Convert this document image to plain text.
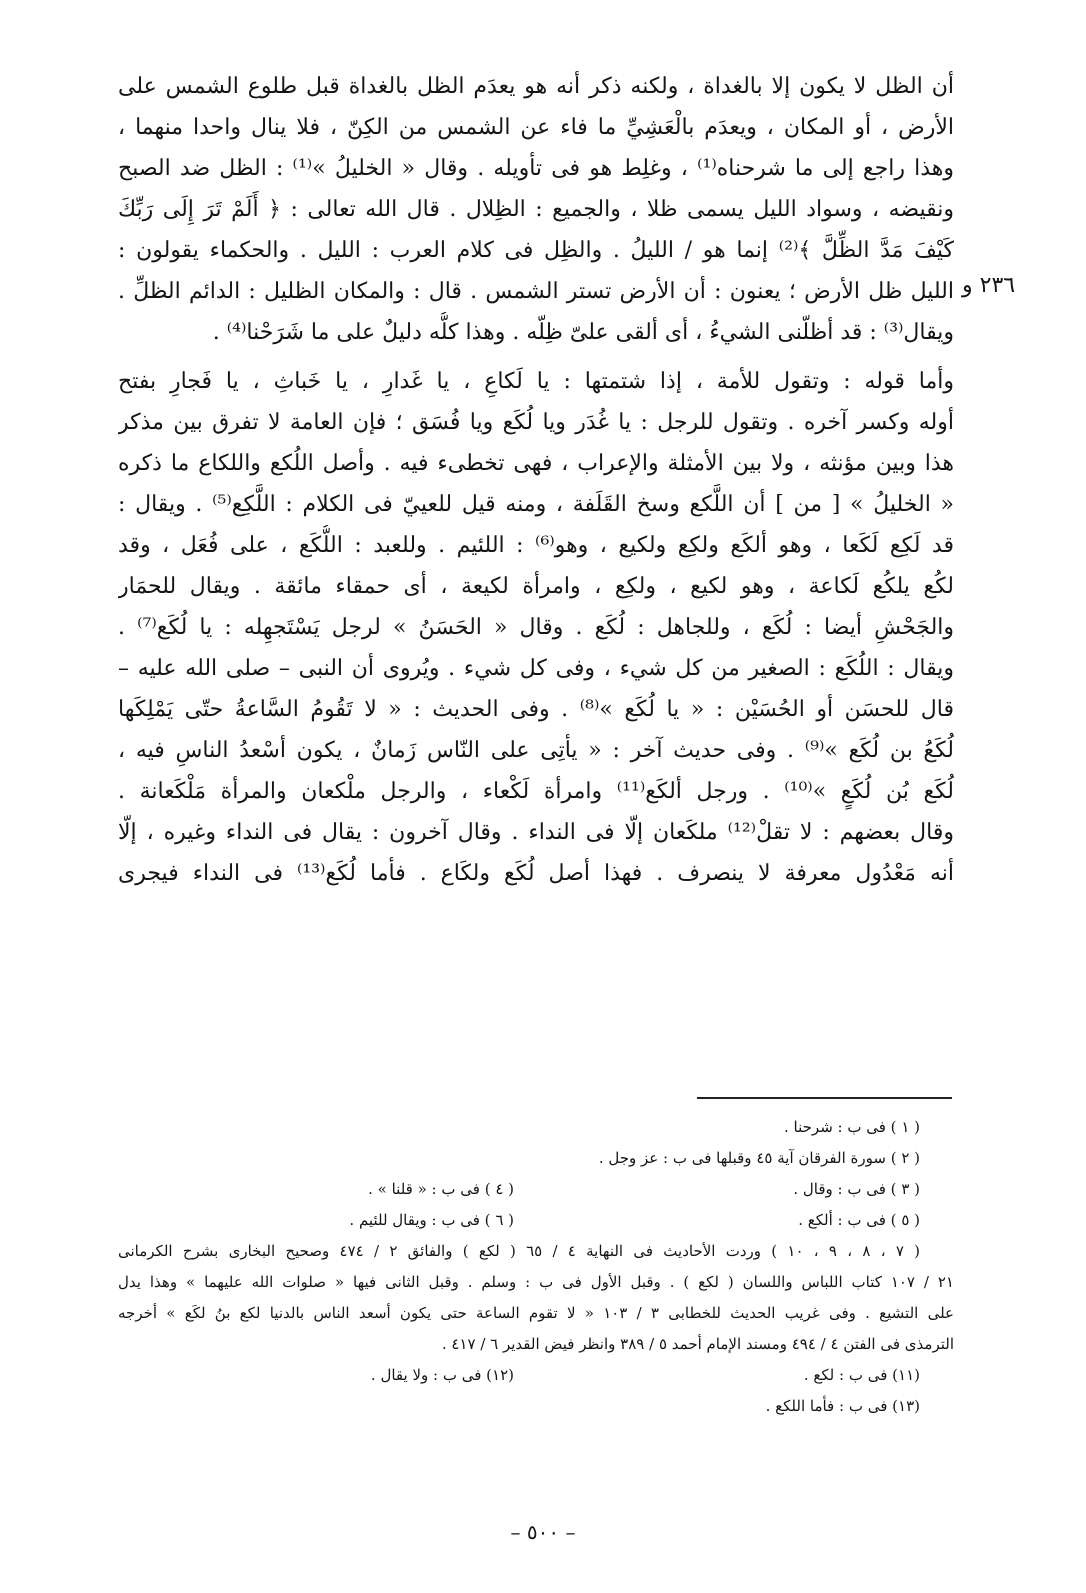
٢٣٦ و
أن الظل لا يكون إلا بالغداة ، ولكنه ذكر أنه هو يعدَم الظل بالغداة قبل طلوع الشمس على
الأرض ، أو المكان ، ويعدَم بالْعَشِيِّ ما فاء عن الشمس من الكِنّ ، فلا ينال واحدا منهما ،
وهذا راجع إلى ما شرحناه⁽¹⁾ ، وغلِط هو فى تأويله . وقال « الخليلُ »⁽¹⁾ : الظل ضد الصبح
ونقيضه ، وسواد الليل يسمى ظلا ، والجميع : الظِلال . قال الله تعالى : ﴿ أَلَمْ تَرَ إِلَى رَبِّكَ
كَيْفَ مَدَّ الظِّلَّ ﴾⁽²⁾ إنما هو / الليلُ . والظِل فى كلام العرب : الليل . والحكماء يقولون :
الليل ظل الأرض ؛ يعنون : أن الأرض تستر الشمس . قال : والمكان الظليل : الدائم الظلِّ .
ويقال⁽³⁾ : قد أظلّنى الشيءُ ، أى ألقى علىّ ظِلّه . وهذا كلُّه دليلٌ على ما شَرَحْنا⁽⁴⁾ .
وأما قوله : وتقول للأمة ، إذا شتمتها : يا لَكاعِ ، يا غَدارِ ، يا خَباثِ ، يا فَجارِ بفتح
أوله وكسر آخره . وتقول للرجل : يا غُدَر ويا لُكَع ويا فُسَق ؛ فإن العامة لا تفرق بين مذكر
هذا وبين مؤنثه ، ولا بين الأمثلة والإعراب ، فهى تخطىء فيه . وأصل اللُكع واللكاع ما ذكره
« الخليلُ » [ من ] أن اللَّكع وسخ القَلَفة ، ومنه قيل للعييّ فى الكلام : اللَّكِع⁽⁵⁾ . ويقال :
قد لَكِع لَكَعا ، وهو ألكَع ولكِع ولكيع ، وهو⁽⁶⁾ : اللئيم . وللعبد : اللُّكَع ، على فُعَل ، وقد
لكُع يلكُع لَكاعة ، وهو لكيع ، ولكِع ، وامرأة لكيعة ، أى حمقاء مائقة . ويقال للحمَار
والجَحْشِ أيضا : لُكَع ، وللجاهل : لُكَع . وقال « الحَسَنُ » لرجل يَسْتَجهِله : يا لُكَع⁽⁷⁾ .
ويقال : اللُكَع : الصغير من كل شيء ، وفى كل شيء . ويُروى أن النبى – صلى الله عليه –
قال للحسَن أو الحُسَيْن : « يا لُكَع »⁽⁸⁾ . وفى الحديث : « لا تَقُومُ السَّاعةُ حتّى يَمْلِكَها
لُكَعُ بن لُكَع »⁽⁹⁾ . وفى حديث آخر : « يأتِى على النّاس زَمانٌ ، يكون أسْعدُ الناسِ فيه ،
لُكَع بُن لُكَعٍ »⁽¹⁰⁾ . ورجل ألكَع⁽¹¹⁾ وامرأة لَكْعاء ، والرجل ملْكعان والمرأة مَلْكَعانة .
وقال بعضهم : لا تقلْ⁽¹²⁾ ملكَعان إلّا فى النداء . وقال آخرون : يقال فى النداء وغيره ، إلّا
أنه مَعْدُول معرفة لا ينصرف . فهذا أصل لُكَع ولكَاع . فأما لُكَع⁽¹³⁾ فى النداء فيجرى
( ١ ) فى ب : شرحنا .
( ٢ ) سورة الفرقان آية ٤٥ وقبلها فى ب : عز وجل .
( ٣ ) فى ب : وقال .
( ٤ ) فى ب : « قلنا » .
( ٥ ) فى ب : ألكع .
( ٦ ) فى ب : ويقال للئيم .
( ٧ ، ٨ ، ٩ ، ١٠ ) وردت الأحاديث فى النهاية ٤ / ٦٥ ( لكع ) والفائق ٢ / ٤٧٤ وصحيح البخارى بشرح الكرمانى
٢١ / ١٠٧ كتاب اللباس واللسان ( لكع ) . وقبل الأول فى ب : وسلم . وقبل الثانى فيها « صلوات الله عليهما » وهذا يدل
على التشيع . وفى غريب الحديث للخطابى ٣ / ١٠٣ « لا تقوم الساعة حتى يكون أسعد الناس بالدنيا لكع بنُ لكَع » أخرجه
الترمذى فى الفتن ٤ / ٤٩٤ ومسند الإمام أحمد ٥ / ٣٨٩ وانظر فيض القدير ٦ / ٤١٧ .
(١١) فى ب : لكع .
(١٢) فى ب : ولا يقال .
(١٣) فى ب : فأما اللكع .
– ٥٠٠ –
